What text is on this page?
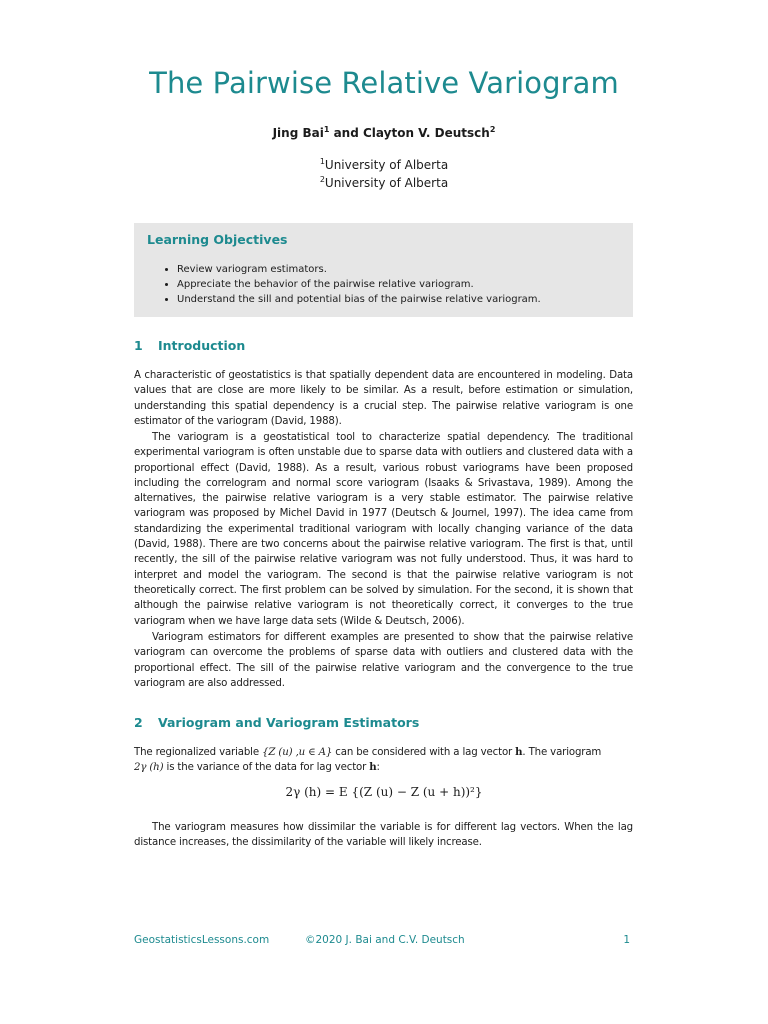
The Pairwise Relative Variogram
Jing Bai$^1$ and Clayton V. Deutsch$^2$
$^1$University of Alberta
$^2$University of Alberta
Learning Objectives
• Review variogram estimators.
• Appreciate the behavior of the pairwise relative variogram.
• Understand the sill and potential bias of the pairwise relative variogram.
1 Introduction

A characteristic of geostatistics is that spatially dependent data are encountered in modeling. Data values that are close are more likely to be similar. As a result, before estimation or simulation, understanding this spatial dependency is a crucial step. The pairwise relative variogram is one estimator of the variogram (David, 1988).

The variogram is a geostatistical tool to characterize spatial dependency. The traditional experimental variogram is often unstable due to sparse data with outliers and clustered data with a proportional effect (David, 1988). As a result, various robust variograms have been proposed including the correlogram and normal score variogram (Isaaks & Srivastava, 1989). Among the alternatives, the pairwise relative variogram is a very stable estimator. The pairwise relative variogram was proposed by Michel David in 1977 (Deutsch & Journel, 1997). The idea came from standardizing the experimental traditional variogram with locally changing variance of the data (David, 1988). There are two concerns about the pairwise relative variogram. The first is that, until recently, the sill of the pairwise relative variogram was not fully understood. Thus, it was hard to interpret and model the variogram. The second is that the pairwise relative variogram is not theoretically correct. The first problem can be solved by simulation. For the second, it is shown that although the pairwise relative variogram is not theoretically correct, it converges to the true variogram when we have large data sets (Wilde & Deutsch, 2006).

Variogram estimators for different examples are presented to show that the pairwise relative variogram can overcome the problems of sparse data with outliers and clustered data with the proportional effect. The sill of the pairwise relative variogram and the convergence to the true variogram are also addressed.

2 Variogram and Variogram Estimators

The regionalized variable {Z (u) ,u ∈ A} can be considered with a lag vector h. The variogram
2γ (h) is the variance of the data for lag vector h:

2γ (h) = E {(Z (u) − Z (u + h))²}

The variogram measures how dissimilar the variable is for different lag vectors. When the lag distance increases, the dissimilarity of the variable will likely increase.

GeostatisticsLessons.com	©2020 J. Bai and C.V. Deutsch	1
